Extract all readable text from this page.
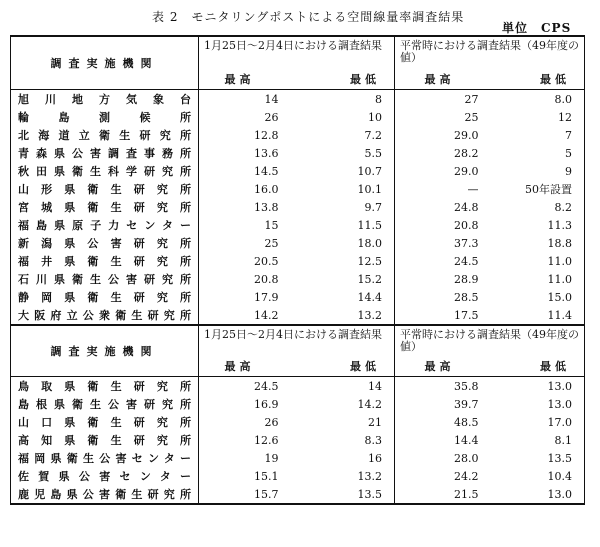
表 2　モニタリングポストによる空間線量率調査結果
単位　CPS
調査実施機関	1月25日～2月4日における調査結果		平常時における調査結果（49年度の値）	
	最高	最低	最高	最低
旭川地方気象台	14	8	27	8.0
輪島測候所	26	10	25	12
北海道立衛生研究所	12.8	7.2	29.0	7
青森県公害調査事務所	13.6	5.5	28.2	5
秋田県衛生科学研究所	14.5	10.7	29.0	9
山形県衛生研究所	16.0	10.1	—	50年設置
宮城県衛生研究所	13.8	9.7	24.8	8.2
福島県原子力センター	15	11.5	20.8	11.3
新潟県公害研究所	25	18.0	37.3	18.8
福井県衛生研究所	20.5	12.5	24.5	11.0
石川県衛生公害研究所	20.8	15.2	28.9	11.0
静岡県衛生研究所	17.9	14.4	28.5	15.0
大阪府立公衆衛生研究所	14.2	13.2	17.5	11.4
調査実施機関	1月25日～2月4日における調査結果		平常時における調査結果（49年度の値）	
	最高	最低	最高	最低
鳥取県衛生研究所	24.5	14	35.8	13.0
島根県衛生公害研究所	16.9	14.2	39.7	13.0
山口県衛生研究所	26	21	48.5	17.0
高知県衛生研究所	12.6	8.3	14.4	8.1
福岡県衛生公害センター	19	16	28.0	13.5
佐賀県公害センター	15.1	13.2	24.2	10.4
鹿児島県公害衛生研究所	15.7	13.5	21.5	13.0
